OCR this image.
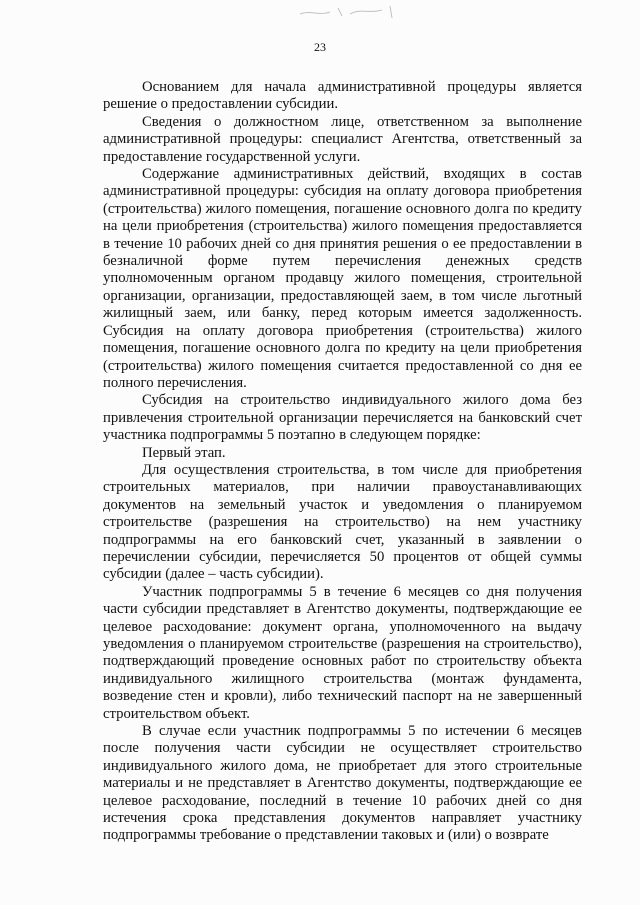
23

Основанием для начала административной процедуры является решение о предоставлении субсидии.

Сведения о должностном лице, ответственном за выполнение административной процедуры: специалист Агентства, ответственный за предоставление государственной услуги.

Содержание административных действий, входящих в состав административной процедуры: субсидия на оплату договора приобретения (строительства) жилого помещения, погашение основного долга по кредиту на цели приобретения (строительства) жилого помещения предоставляется в течение 10 рабочих дней со дня принятия решения о ее предоставлении в безналичной форме путем перечисления денежных средств уполномоченным органом продавцу жилого помещения, строительной организации, организации, предоставляющей заем, в том числе льготный жилищный заем, или банку, перед которым имеется задолженность. Субсидия на оплату договора приобретения (строительства) жилого помещения, погашение основного долга по кредиту на цели приобретения (строительства) жилого помещения считается предоставленной со дня ее полного перечисления.

Субсидия на строительство индивидуального жилого дома без привлечения строительной организации перечисляется на банковский счет участника подпрограммы 5 поэтапно в следующем порядке:

Первый этап.

Для осуществления строительства, в том числе для приобретения строительных материалов, при наличии правоустанавливающих документов на земельный участок и уведомления о планируемом строительстве (разрешения на строительство) на нем участнику подпрограммы на его банковский счет, указанный в заявлении о перечислении субсидии, перечисляется 50 процентов от общей суммы субсидии (далее – часть субсидии).

Участник подпрограммы 5 в течение 6 месяцев со дня получения части субсидии представляет в Агентство документы, подтверждающие ее целевое расходование: документ органа, уполномоченного на выдачу уведомления о планируемом строительстве (разрешения на строительство), подтверждающий проведение основных работ по строительству объекта индивидуального жилищного строительства (монтаж фундамента, возведение стен и кровли), либо технический паспорт на не завершенный строительством объект.

В случае если участник подпрограммы 5 по истечении 6 месяцев после получения части субсидии не осуществляет строительство индивидуального жилого дома, не приобретает для этого строительные материалы и не представляет в Агентство документы, подтверждающие ее целевое расходование, последний в течение 10 рабочих дней со дня истечения срока представления документов направляет участнику подпрограммы требование о представлении таковых и (или) о возврате
